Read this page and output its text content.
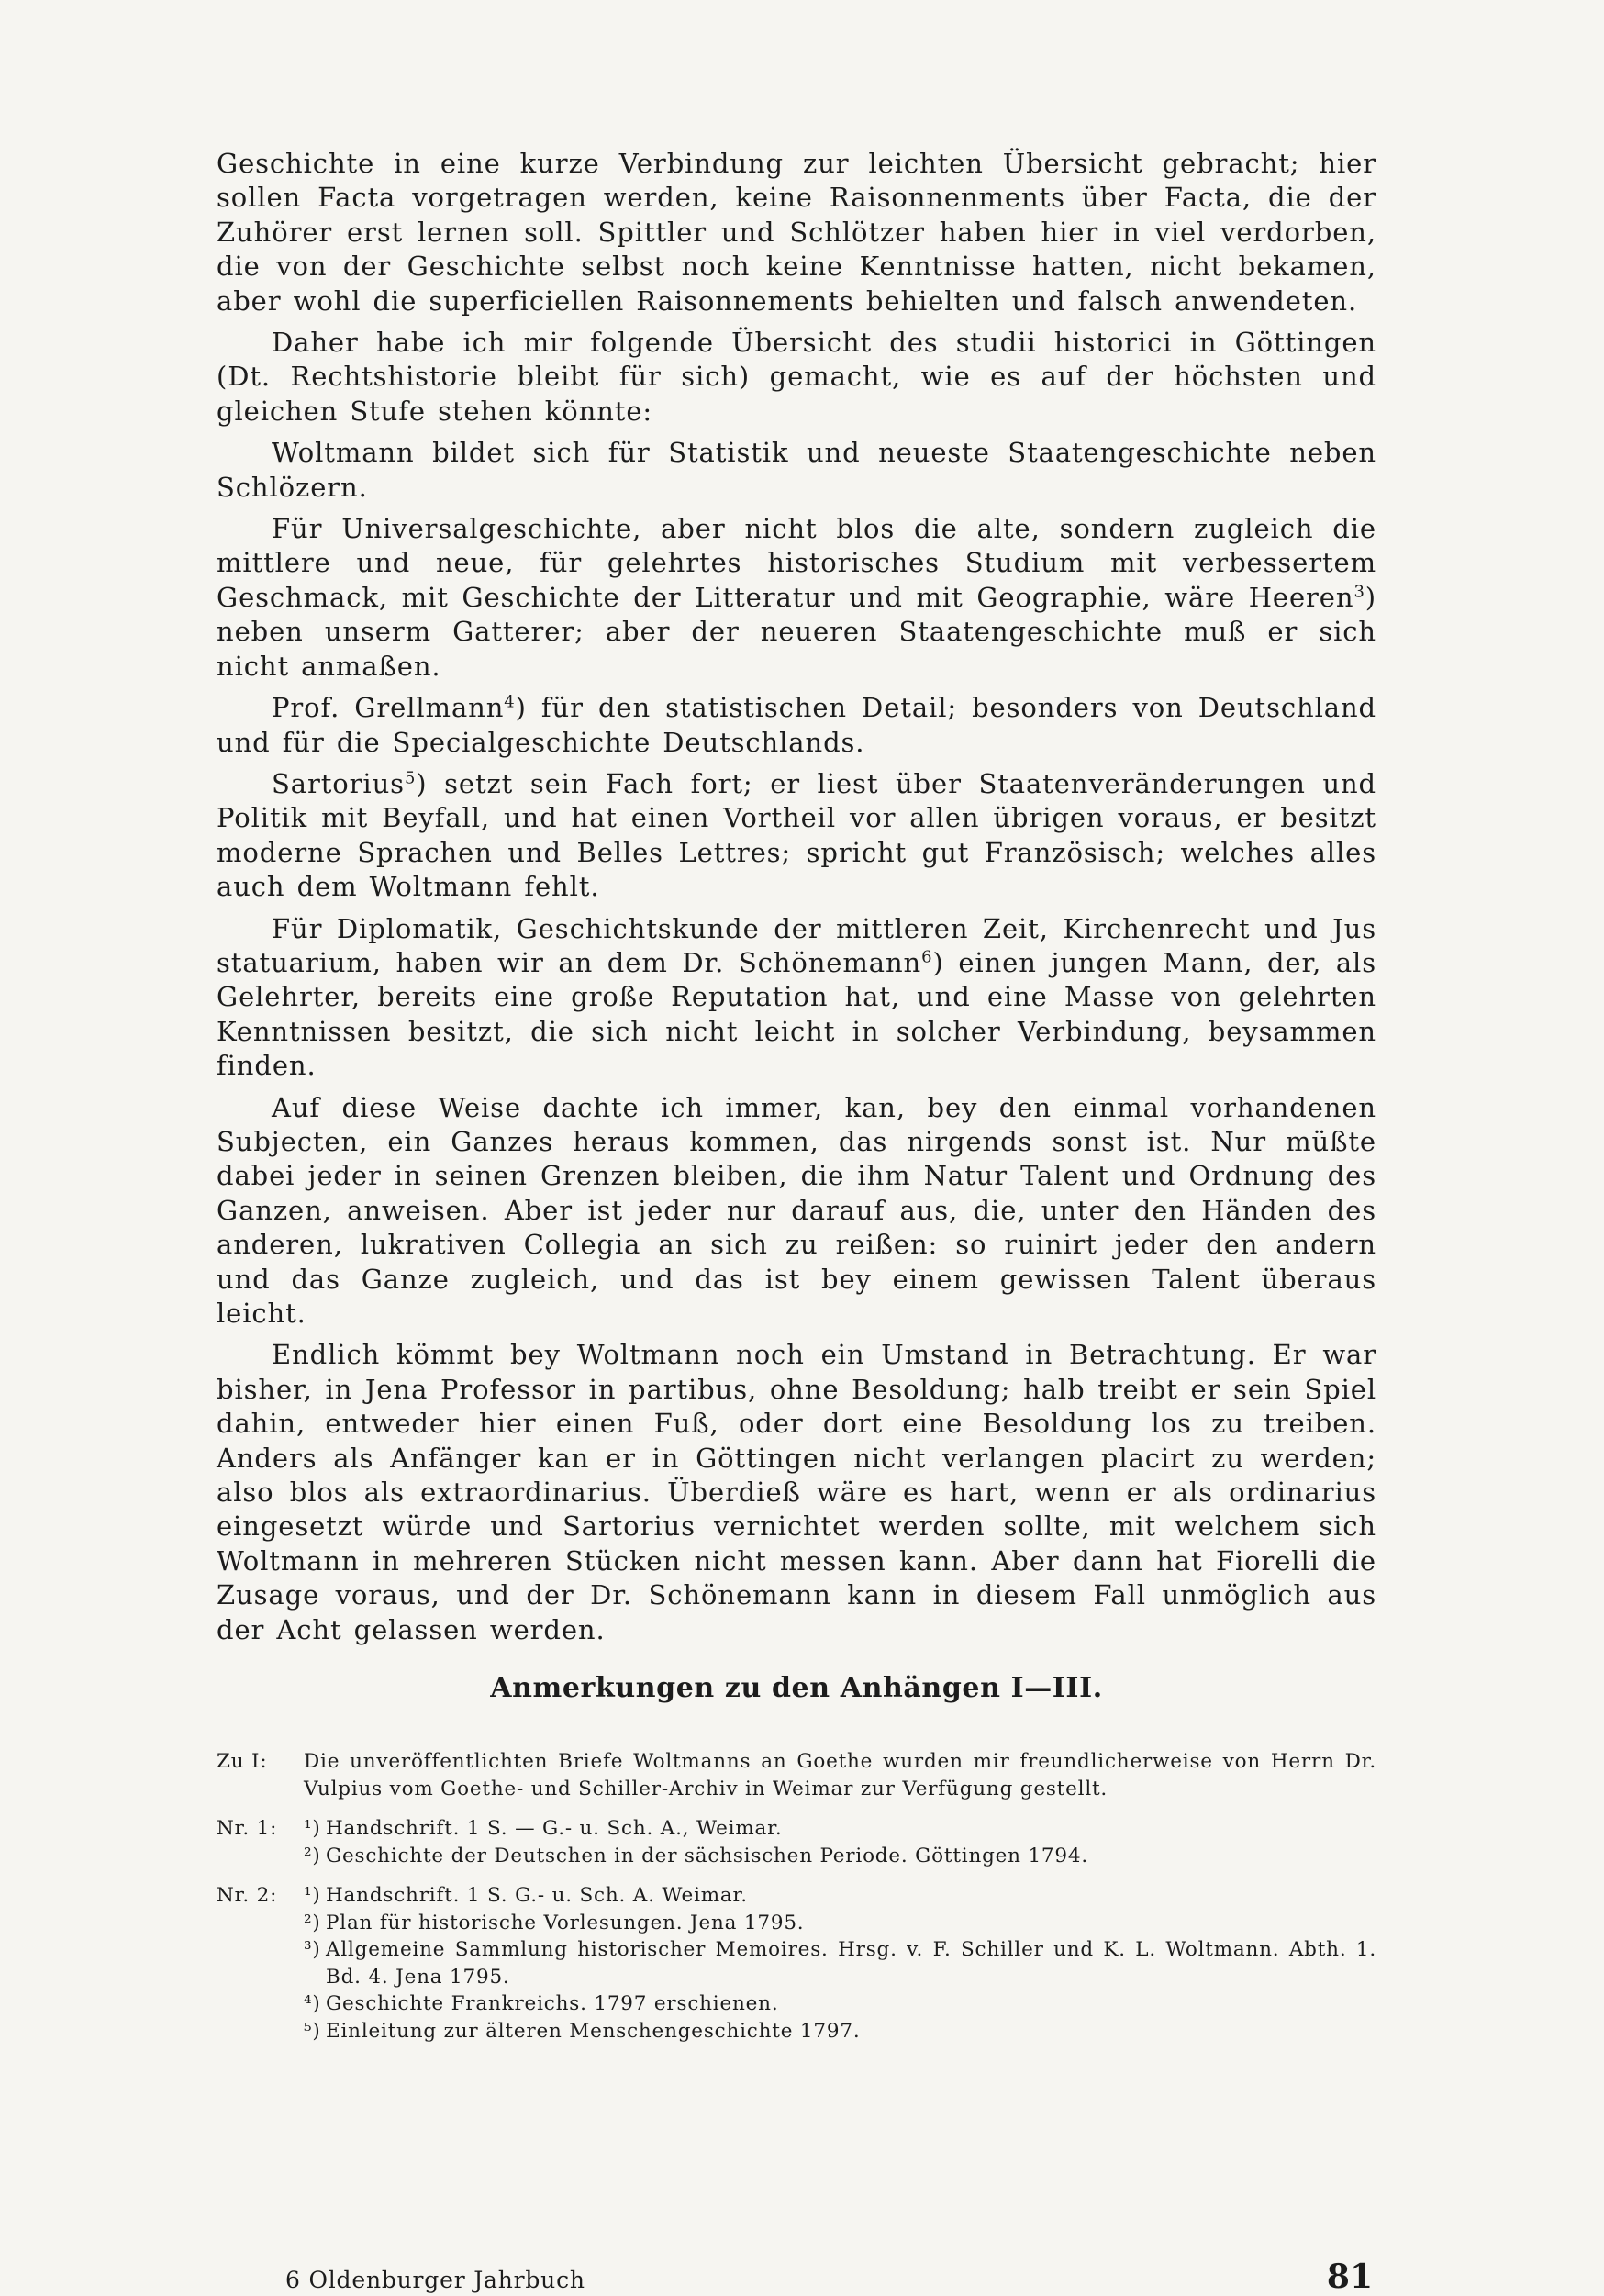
Geschichte in eine kurze Verbindung zur leichten Übersicht gebracht; hier sollen Facta vorgetragen werden, keine Raisonnenments über Facta, die der Zuhörer erst lernen soll. Spittler und Schlötzer haben hier in viel verdorben, die von der Geschichte selbst noch keine Kenntnisse hatten, nicht bekamen, aber wohl die superficiellen Raisonnements behielten und falsch anwendeten.

Daher habe ich mir folgende Übersicht des studii historici in Göttingen (Dt. Rechtshistorie bleibt für sich) gemacht, wie es auf der höchsten und gleichen Stufe stehen könnte:

Woltmann bildet sich für Statistik und neueste Staatengeschichte neben Schlözern.

Für Universalgeschichte, aber nicht blos die alte, sondern zugleich die mittlere und neue, für gelehrtes historisches Studium mit verbessertem Geschmack, mit Geschichte der Litteratur und mit Geographie, wäre Heeren$^3$) neben unserm Gatterer; aber der neueren Staatengeschichte muß er sich nicht anmaßen.

Prof. Grellmann$^4$) für den statistischen Detail; besonders von Deutschland und für die Specialgeschichte Deutschlands.

Sartorius$^5$) setzt sein Fach fort; er liest über Staatenveränderungen und Politik mit Beyfall, und hat einen Vortheil vor allen übrigen voraus, er besitzt moderne Sprachen und Belles Lettres; spricht gut Französisch; welches alles auch dem Woltmann fehlt.

Für Diplomatik, Geschichtskunde der mittleren Zeit, Kirchenrecht und Jus statuarium, haben wir an dem Dr. Schönemann$^6$) einen jungen Mann, der, als Gelehrter, bereits eine große Reputation hat, und eine Masse von gelehrten Kenntnissen besitzt, die sich nicht leicht in solcher Verbindung, beysammen finden.

Auf diese Weise dachte ich immer, kan, bey den einmal vorhandenen Subjecten, ein Ganzes heraus kommen, das nirgends sonst ist. Nur müßte dabei jeder in seinen Grenzen bleiben, die ihm Natur Talent und Ordnung des Ganzen, anweisen. Aber ist jeder nur darauf aus, die, unter den Händen des anderen, lukrativen Collegia an sich zu reißen: so ruinirt jeder den andern und das Ganze zugleich, und das ist bey einem gewissen Talent überaus leicht.

Endlich kömmt bey Woltmann noch ein Umstand in Betrachtung. Er war bisher, in Jena Professor in partibus, ohne Besoldung; halb treibt er sein Spiel dahin, entweder hier einen Fuß, oder dort eine Besoldung los zu treiben. Anders als Anfänger kan er in Göttingen nicht verlangen placirt zu werden; also blos als extraordinarius. Überdieß wäre es hart, wenn er als ordinarius eingesetzt würde und Sartorius vernichtet werden sollte, mit welchem sich Woltmann in mehreren Stücken nicht messen kann. Aber dann hat Fiorelli die Zusage voraus, und der Dr. Schönemann kann in diesem Fall unmöglich aus der Acht gelassen werden.

Anmerkungen zu den Anhängen I—III.
Zu I:	Die unveröffentlichten Briefe Woltmanns an Goethe wurden mir freundlicherweise von Herrn Dr. Vulpius vom Goethe- und Schiller-Archiv in Weimar zur Verfügung gestellt.
Nr. 1:	¹) Handschrift. 1 S. — G.- u. Sch. A., Weimar.
²) Geschichte der Deutschen in der sächsischen Periode. Göttingen 1794.
Nr. 2:	¹) Handschrift. 1 S. G.- u. Sch. A. Weimar.
²) Plan für historische Vorlesungen. Jena 1795.
³) Allgemeine Sammlung historischer Memoires. Hrsg. v. F. Schiller und K. L. Woltmann. Abth. 1. Bd. 4. Jena 1795.
⁴) Geschichte Frankreichs. 1797 erschienen.
⁵) Einleitung zur älteren Menschengeschichte 1797.
6 Oldenburger Jahrbuch	81
